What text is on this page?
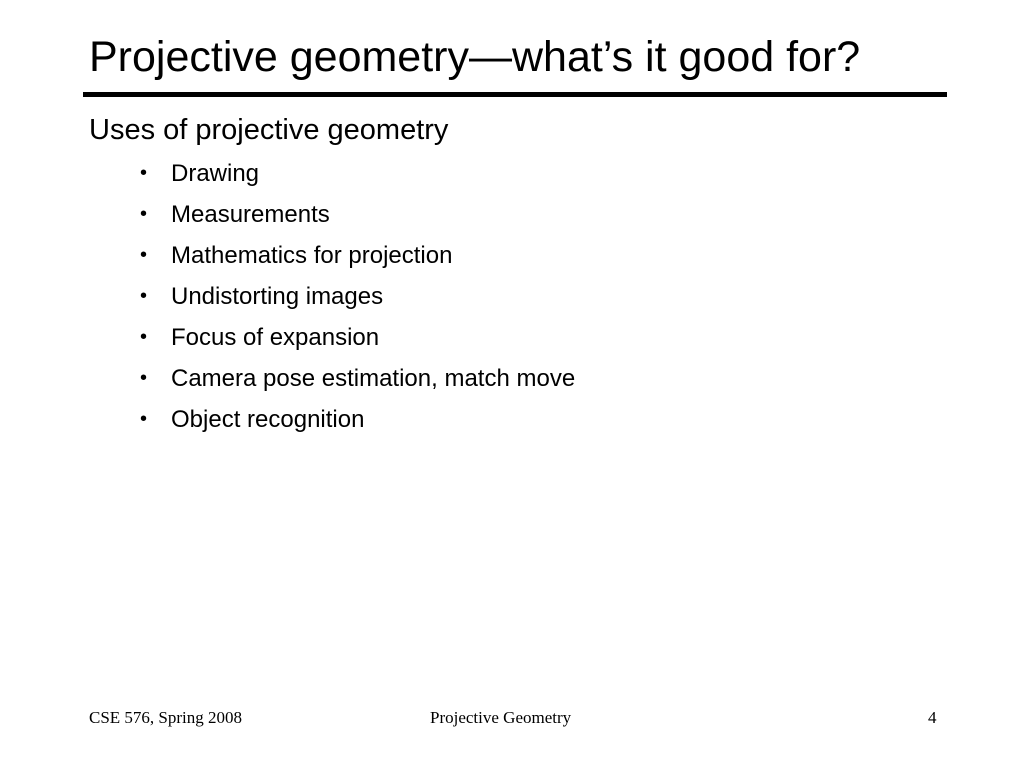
Projective geometry—what’s it good for?
Uses of projective geometry
• Drawing
• Measurements
• Mathematics for projection
• Undistorting images
• Focus of expansion
• Camera pose estimation, match move
• Object recognition
CSE 576, Spring 2008	Projective Geometry	4
